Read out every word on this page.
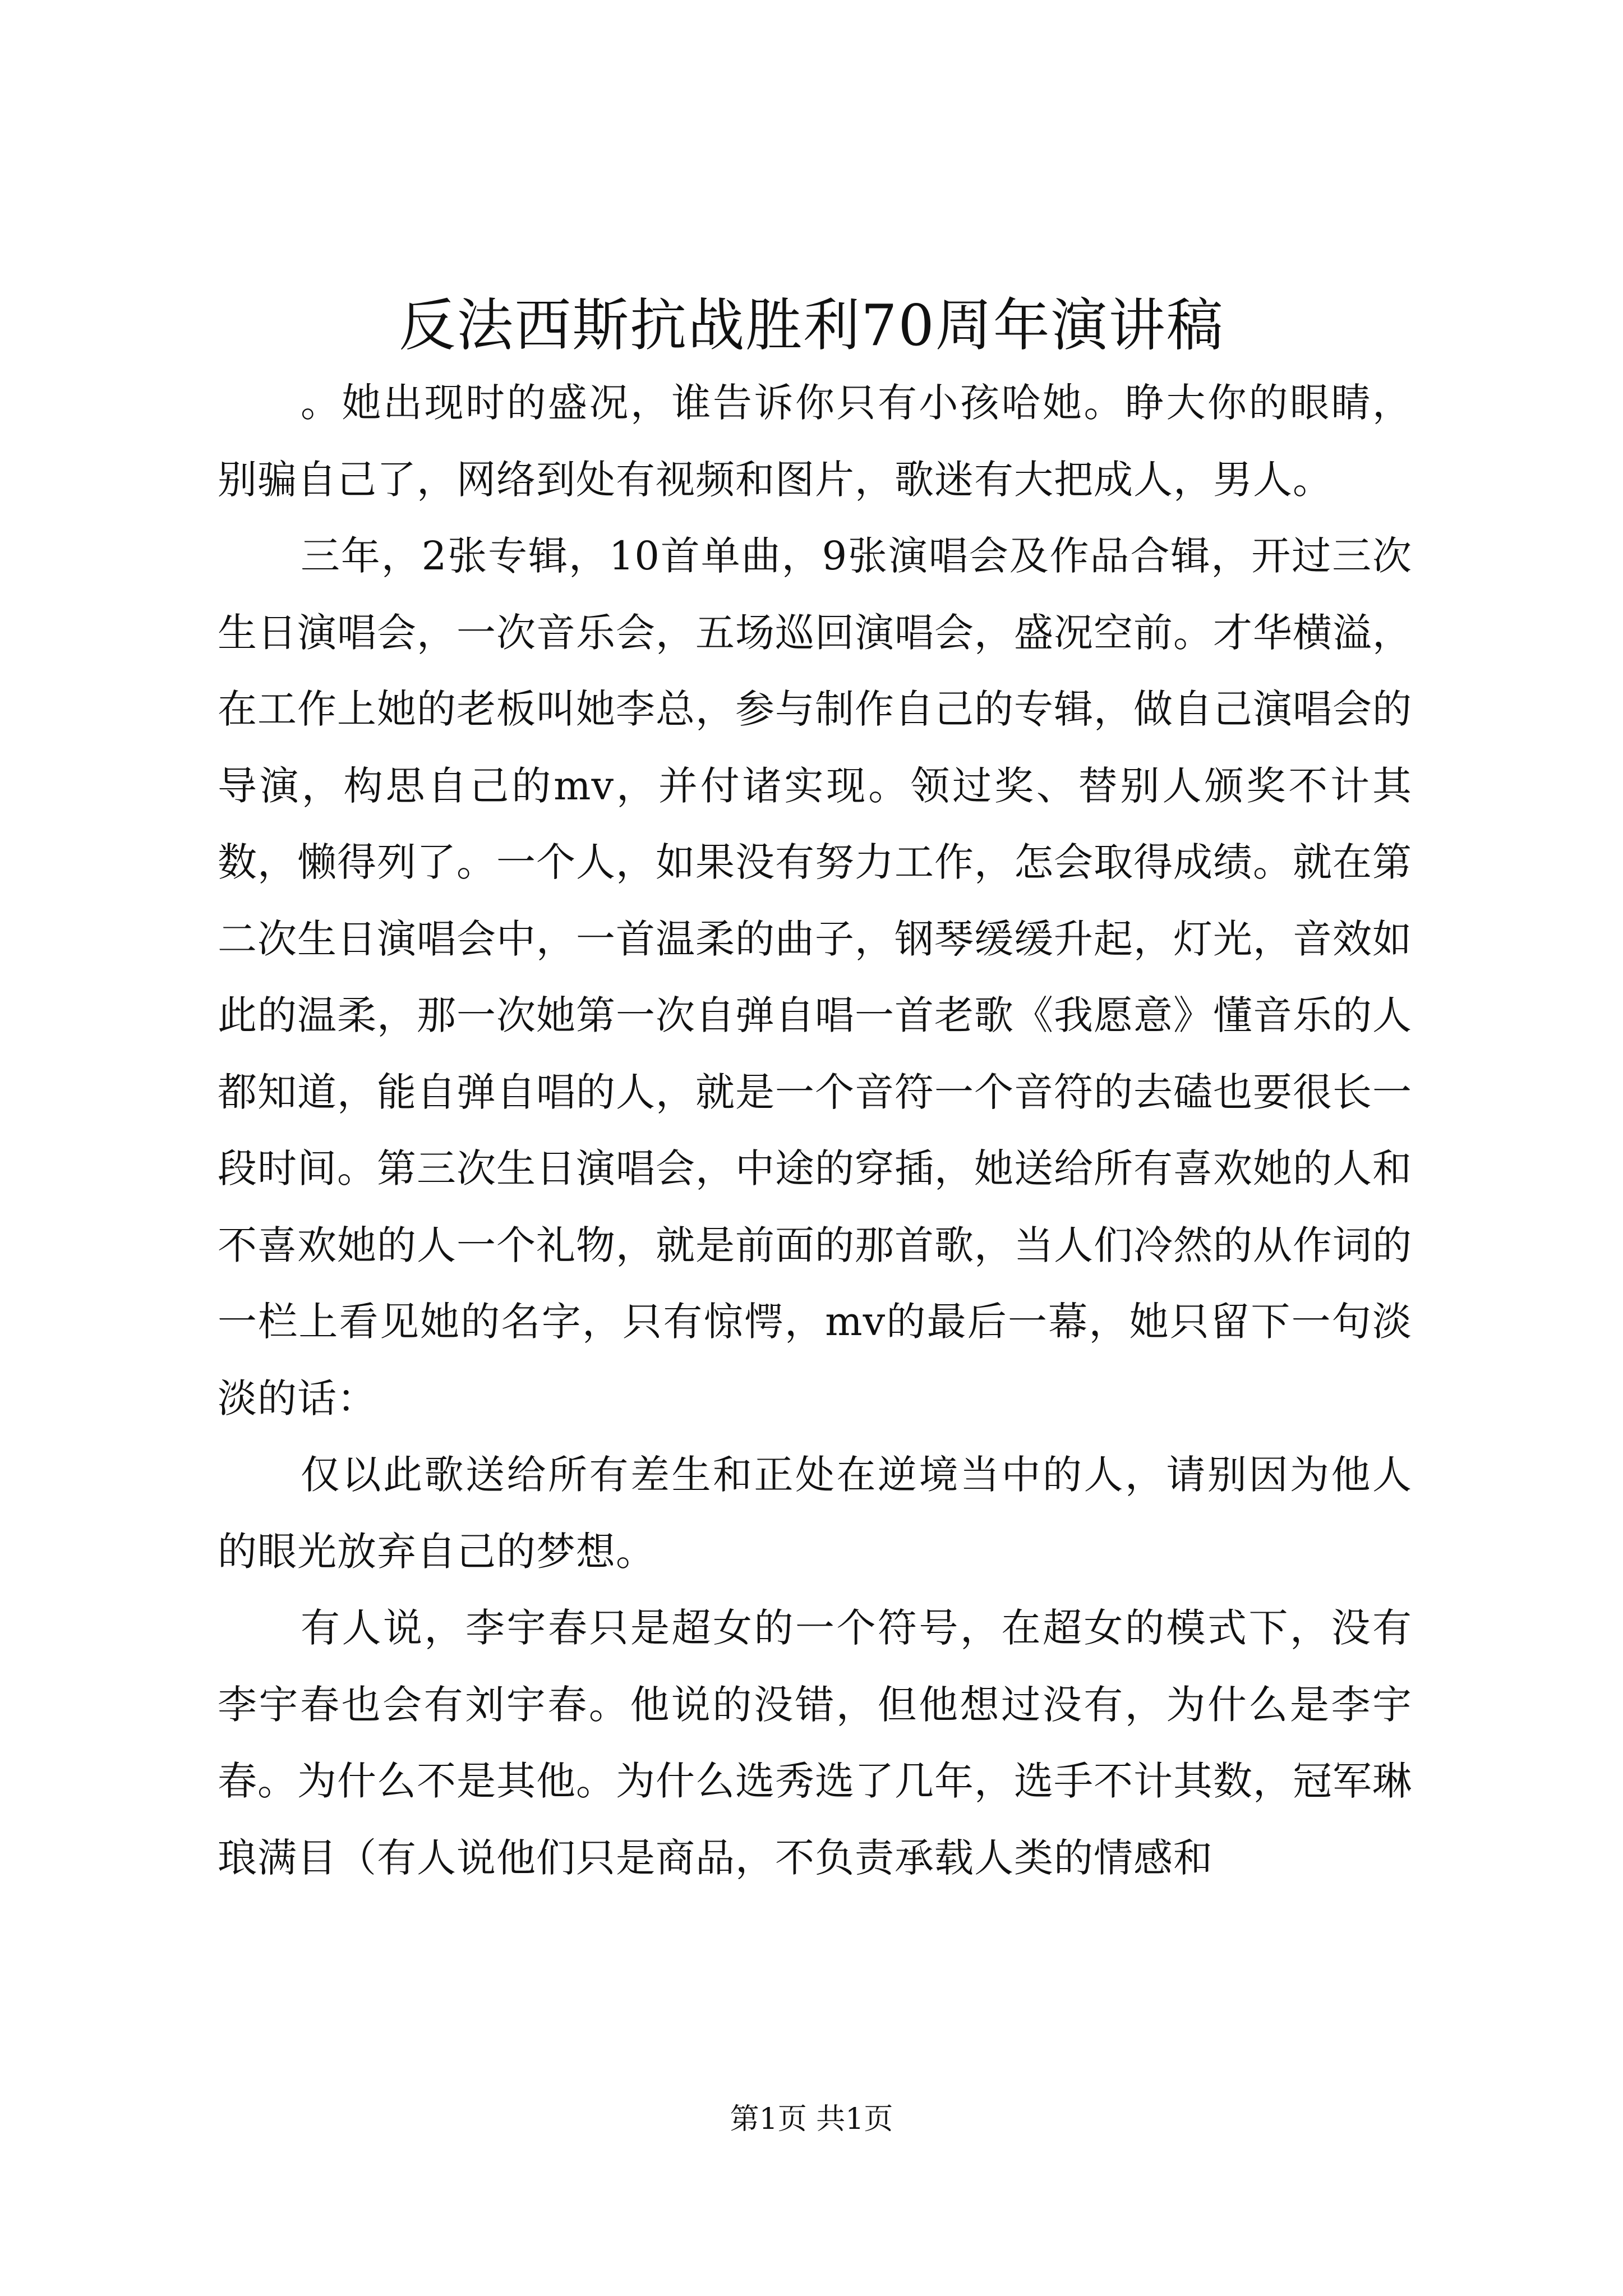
反法西斯抗战胜利70周年演讲稿

。她出现时的盛况，谁告诉你只有小孩哈她。睁大你的眼睛，别骗自己了，网络到处有视频和图片，歌迷有大把成人，男人。

三年，2张专辑，10首单曲，9张演唱会及作品合辑，开过三次生日演唱会，一次音乐会，五场巡回演唱会，盛况空前。才华横溢，在工作上她的老板叫她李总，参与制作自己的专辑，做自己演唱会的导演，构思自己的mv，并付诸实现。领过奖、替别人颁奖不计其数，懒得列了。一个人，如果没有努力工作，怎会取得成绩。就在第二次生日演唱会中，一首温柔的曲子，钢琴缓缓升起，灯光，音效如此的温柔，那一次她第一次自弹自唱一首老歌《我愿意》懂音乐的人都知道，能自弹自唱的人，就是一个音符一个音符的去磕也要很长一段时间。第三次生日演唱会，中途的穿插，她送给所有喜欢她的人和不喜欢她的人一个礼物，就是前面的那首歌，当人们冷然的从作词的一栏上看见她的名字，只有惊愕，mv的最后一幕，她只留下一句淡淡的话：

仅以此歌送给所有差生和正处在逆境当中的人，请别因为他人的眼光放弃自己的梦想。

有人说，李宇春只是超女的一个符号，在超女的模式下，没有李宇春也会有刘宇春。他说的没错，但他想过没有，为什么是李宇春。为什么不是其他。为什么选秀选了几年，选手不计其数，冠军琳琅满目（有人说他们只是商品，不负责承载人类的情感和

第1页 共1页
